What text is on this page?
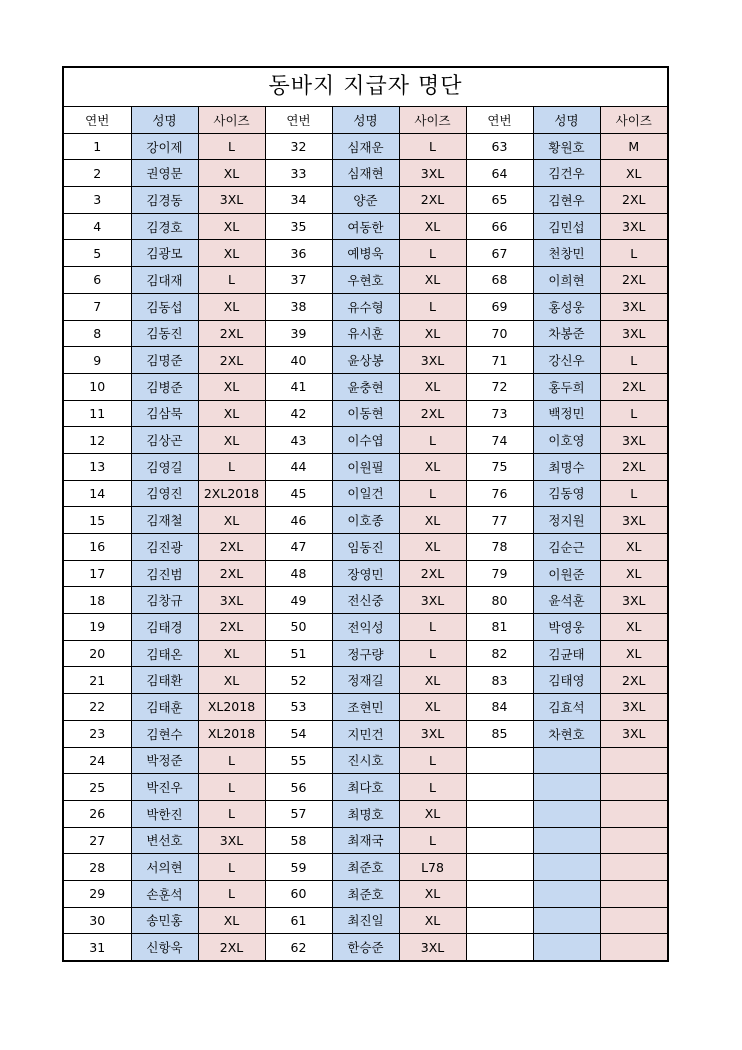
동바지 지급자 명단
연번	성명	사이즈	연번	성명	사이즈	연번	성명	사이즈
1	강이제	L	32	심재운	L	63	황원호	M
2	권영문	XL	33	심재현	3XL	64	김건우	XL
3	김경동	3XL	34	양준	2XL	65	김현우	2XL
4	김경호	XL	35	여동한	XL	66	김민섭	3XL
5	김광모	XL	36	예병욱	L	67	천창민	L
6	김대재	L	37	우현호	XL	68	이희현	2XL
7	김동섭	XL	38	유수형	L	69	홍성웅	3XL
8	김동진	2XL	39	유시훈	XL	70	차봉준	3XL
9	김명준	2XL	40	윤상봉	3XL	71	강신우	L
10	김병준	XL	41	윤충현	XL	72	홍두희	2XL
11	김삼묵	XL	42	이동현	2XL	73	백정민	L
12	김상곤	XL	43	이수엽	L	74	이호영	3XL
13	김영길	L	44	이원필	XL	75	최명수	2XL
14	김영진	2XL2018	45	이일건	L	76	김동영	L
15	김재철	XL	46	이호종	XL	77	정지원	3XL
16	김진광	2XL	47	임동진	XL	78	김순근	XL
17	김진범	2XL	48	장영민	2XL	79	이원준	XL
18	김창규	3XL	49	전신중	3XL	80	윤석훈	3XL
19	김태경	2XL	50	전익성	L	81	박영웅	XL
20	김태온	XL	51	정구량	L	82	김균태	XL
21	김태환	XL	52	정재길	XL	83	김태영	2XL
22	김태훈	XL2018	53	조현민	XL	84	김효석	3XL
23	김현수	XL2018	54	지민건	3XL	85	차현호	3XL
24	박정준	L	55	진시호	L			
25	박진우	L	56	최다호	L			
26	박한진	L	57	최명호	XL			
27	변선호	3XL	58	최재국	L			
28	서의현	L	59	최준호	L78			
29	손훈석	L	60	최준호	XL			
30	송민홍	XL	61	최진일	XL			
31	신항욱	2XL	62	한승준	3XL			
